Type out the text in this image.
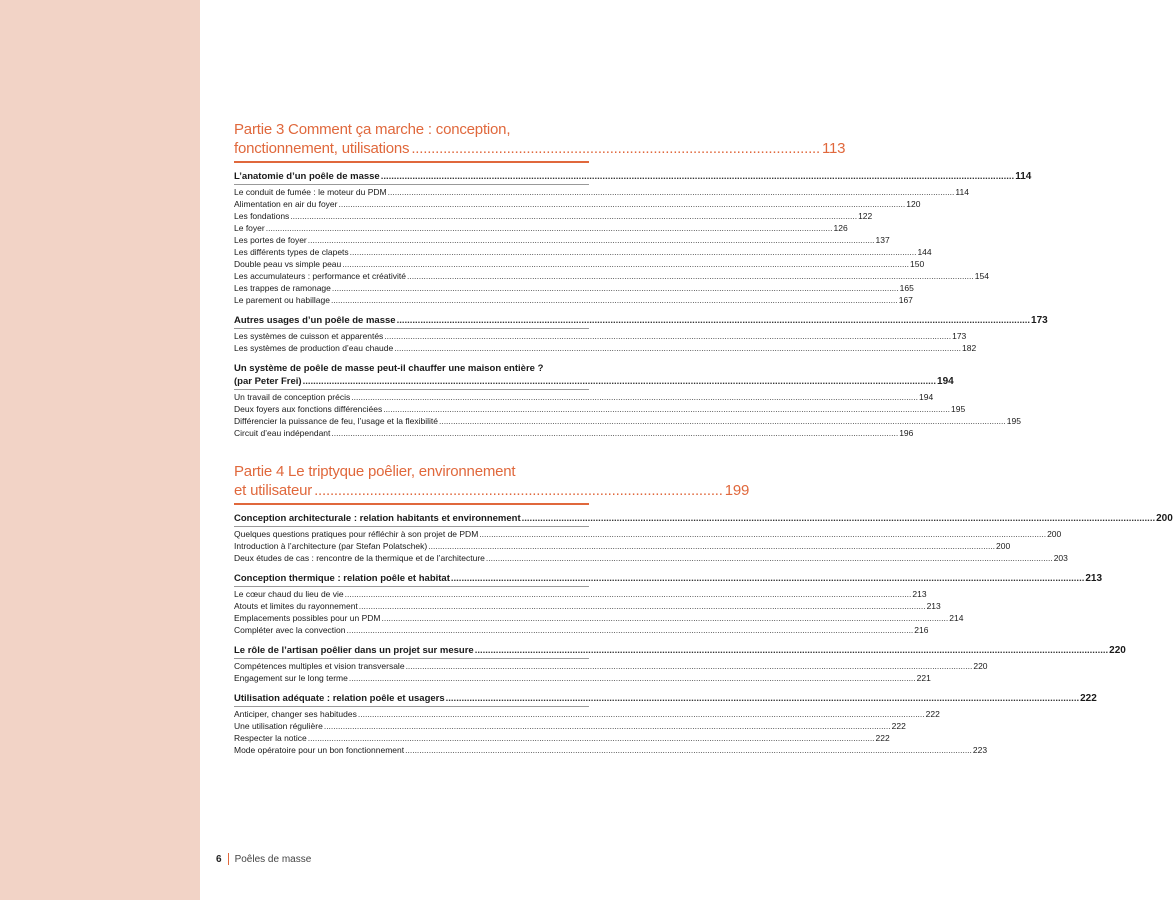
Partie 3 Comment ça marche : conception,
fonctionnement, utilisations ....................................................................................................... 113
L’anatomie d’un poêle de masse ................................................................................................................................................................................................................................................ 114
Le conduit de fumée : le moteur du PDM ................................................................................................................................................................................................................................................ 114
Alimentation en air du foyer ................................................................................................................................................................................................................................................ 120
Les fondations ................................................................................................................................................................................................................................................ 122
Le foyer ................................................................................................................................................................................................................................................ 126
Les portes de foyer ................................................................................................................................................................................................................................................ 137
Les différents types de clapets ................................................................................................................................................................................................................................................ 144
Double peau vs simple peau ................................................................................................................................................................................................................................................ 150
Les accumulateurs : performance et créativité ................................................................................................................................................................................................................................................ 154
Les trappes de ramonage ................................................................................................................................................................................................................................................ 165
Le parement ou habillage ................................................................................................................................................................................................................................................ 167
Autres usages d’un poêle de masse ................................................................................................................................................................................................................................................ 173
Les systèmes de cuisson et apparentés ................................................................................................................................................................................................................................................ 173
Les systèmes de production d’eau chaude ................................................................................................................................................................................................................................................ 182
Un système de poêle de masse peut-il chauffer une maison entière ?
(par Peter Frei) ................................................................................................................................................................................................................................................ 194
Un travail de conception précis ................................................................................................................................................................................................................................................ 194
Deux foyers aux fonctions différenciées ................................................................................................................................................................................................................................................ 195
Différencier la puissance de feu, l’usage et la flexibilité ................................................................................................................................................................................................................................................ 195
Circuit d’eau indépendant ................................................................................................................................................................................................................................................ 196
Partie 4 Le triptyque poêlier, environnement
et utilisateur ....................................................................................................... 199
Conception architecturale : relation habitants et environnement ................................................................................................................................................................................................................................................ 200
Quelques questions pratiques pour réfléchir à son projet de PDM ................................................................................................................................................................................................................................................ 200
Introduction à l’architecture (par Stefan Polatschek) ................................................................................................................................................................................................................................................ 200
Deux études de cas : rencontre de la thermique et de l’architecture ................................................................................................................................................................................................................................................ 203
Conception thermique : relation poêle et habitat ................................................................................................................................................................................................................................................ 213
Le cœur chaud du lieu de vie ................................................................................................................................................................................................................................................ 213
Atouts et limites du rayonnement ................................................................................................................................................................................................................................................ 213
Emplacements possibles pour un PDM ................................................................................................................................................................................................................................................ 214
Compléter avec la convection ................................................................................................................................................................................................................................................ 216
Le rôle de l’artisan poêlier dans un projet sur mesure ................................................................................................................................................................................................................................................ 220
Compétences multiples et vision transversale ................................................................................................................................................................................................................................................ 220
Engagement sur le long terme ................................................................................................................................................................................................................................................ 221
Utilisation adéquate : relation poêle et usagers ................................................................................................................................................................................................................................................ 222
Anticiper, changer ses habitudes ................................................................................................................................................................................................................................................ 222
Une utilisation régulière ................................................................................................................................................................................................................................................ 222
Respecter la notice ................................................................................................................................................................................................................................................ 222
Mode opératoire pour un bon fonctionnement ................................................................................................................................................................................................................................................ 223
6 Poêles de masse
